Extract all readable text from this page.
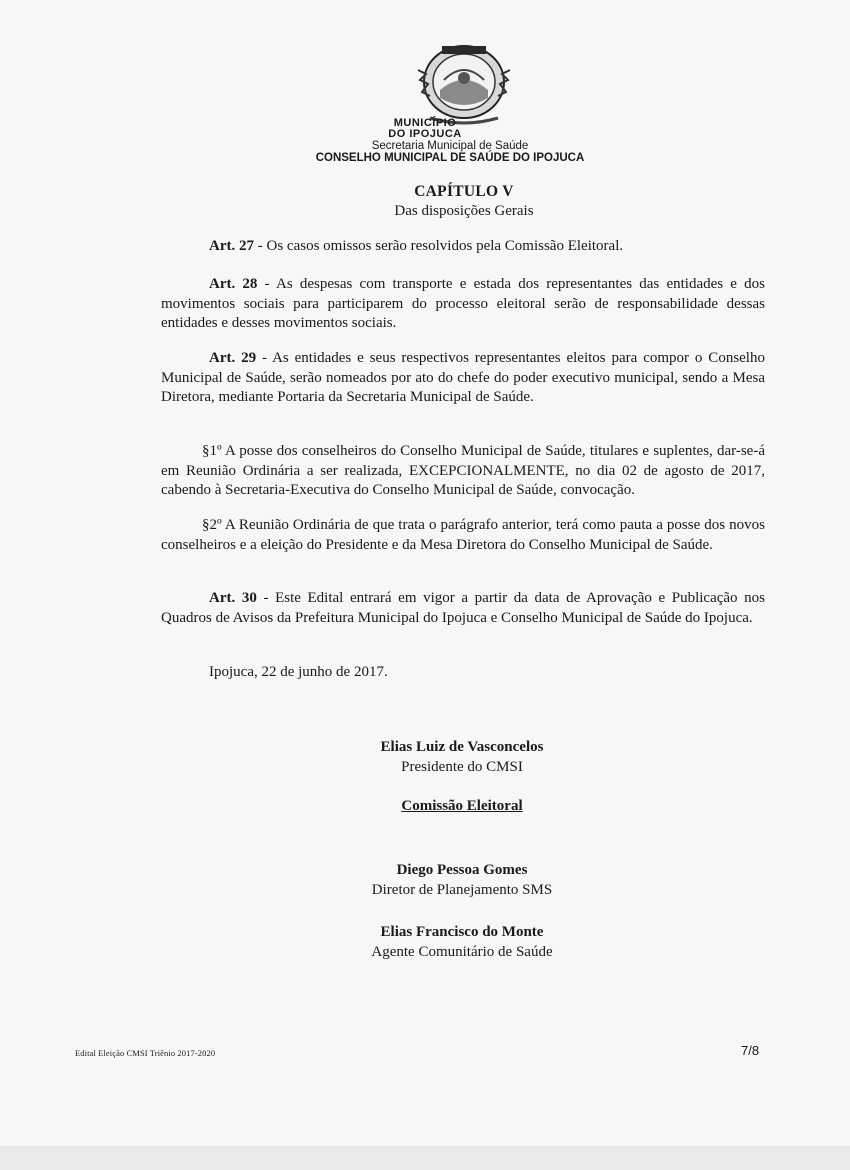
MUNICÍPIO
DO IPOJUCA
Secretaria Municipal de Saúde
CONSELHO MUNICIPAL DE SAÚDE DO IPOJUCA
CAPÍTULO V
Das disposições Gerais

Art. 27 - Os casos omissos serão resolvidos pela Comissão Eleitoral.

Art. 28 - As despesas com transporte e estada dos representantes das entidades e dos movimentos sociais para participarem do processo eleitoral serão de responsabilidade dessas entidades e desses movimentos sociais.

Art. 29 - As entidades e seus respectivos representantes eleitos para compor o Conselho Municipal de Saúde, serão nomeados por ato do chefe do poder executivo municipal, sendo a Mesa Diretora, mediante Portaria da Secretaria Municipal de Saúde.

§1º A posse dos conselheiros do Conselho Municipal de Saúde, titulares e suplentes, dar-se-á em Reunião Ordinária a ser realizada, EXCEPCIONALMENTE, no dia 02 de agosto de 2017, cabendo à Secretaria-Executiva do Conselho Municipal de Saúde, convocação.

§2º A Reunião Ordinária de que trata o parágrafo anterior, terá como pauta a posse dos novos conselheiros e a eleição do Presidente e da Mesa Diretora do Conselho Municipal de Saúde.

Art. 30 - Este Edital entrará em vigor a partir da data de Aprovação e Publicação nos Quadros de Avisos da Prefeitura Municipal do Ipojuca e Conselho Municipal de Saúde do Ipojuca.

Ipojuca, 22 de junho de 2017.
Elias Luiz de Vasconcelos
Presidente do CMSI
Comissão Eleitoral
Diego Pessoa Gomes
Diretor de Planejamento SMS
Elias Francisco do Monte
Agente Comunitário de Saúde
Edital Eleição CMSI Triênio 2017-2020	7/8
